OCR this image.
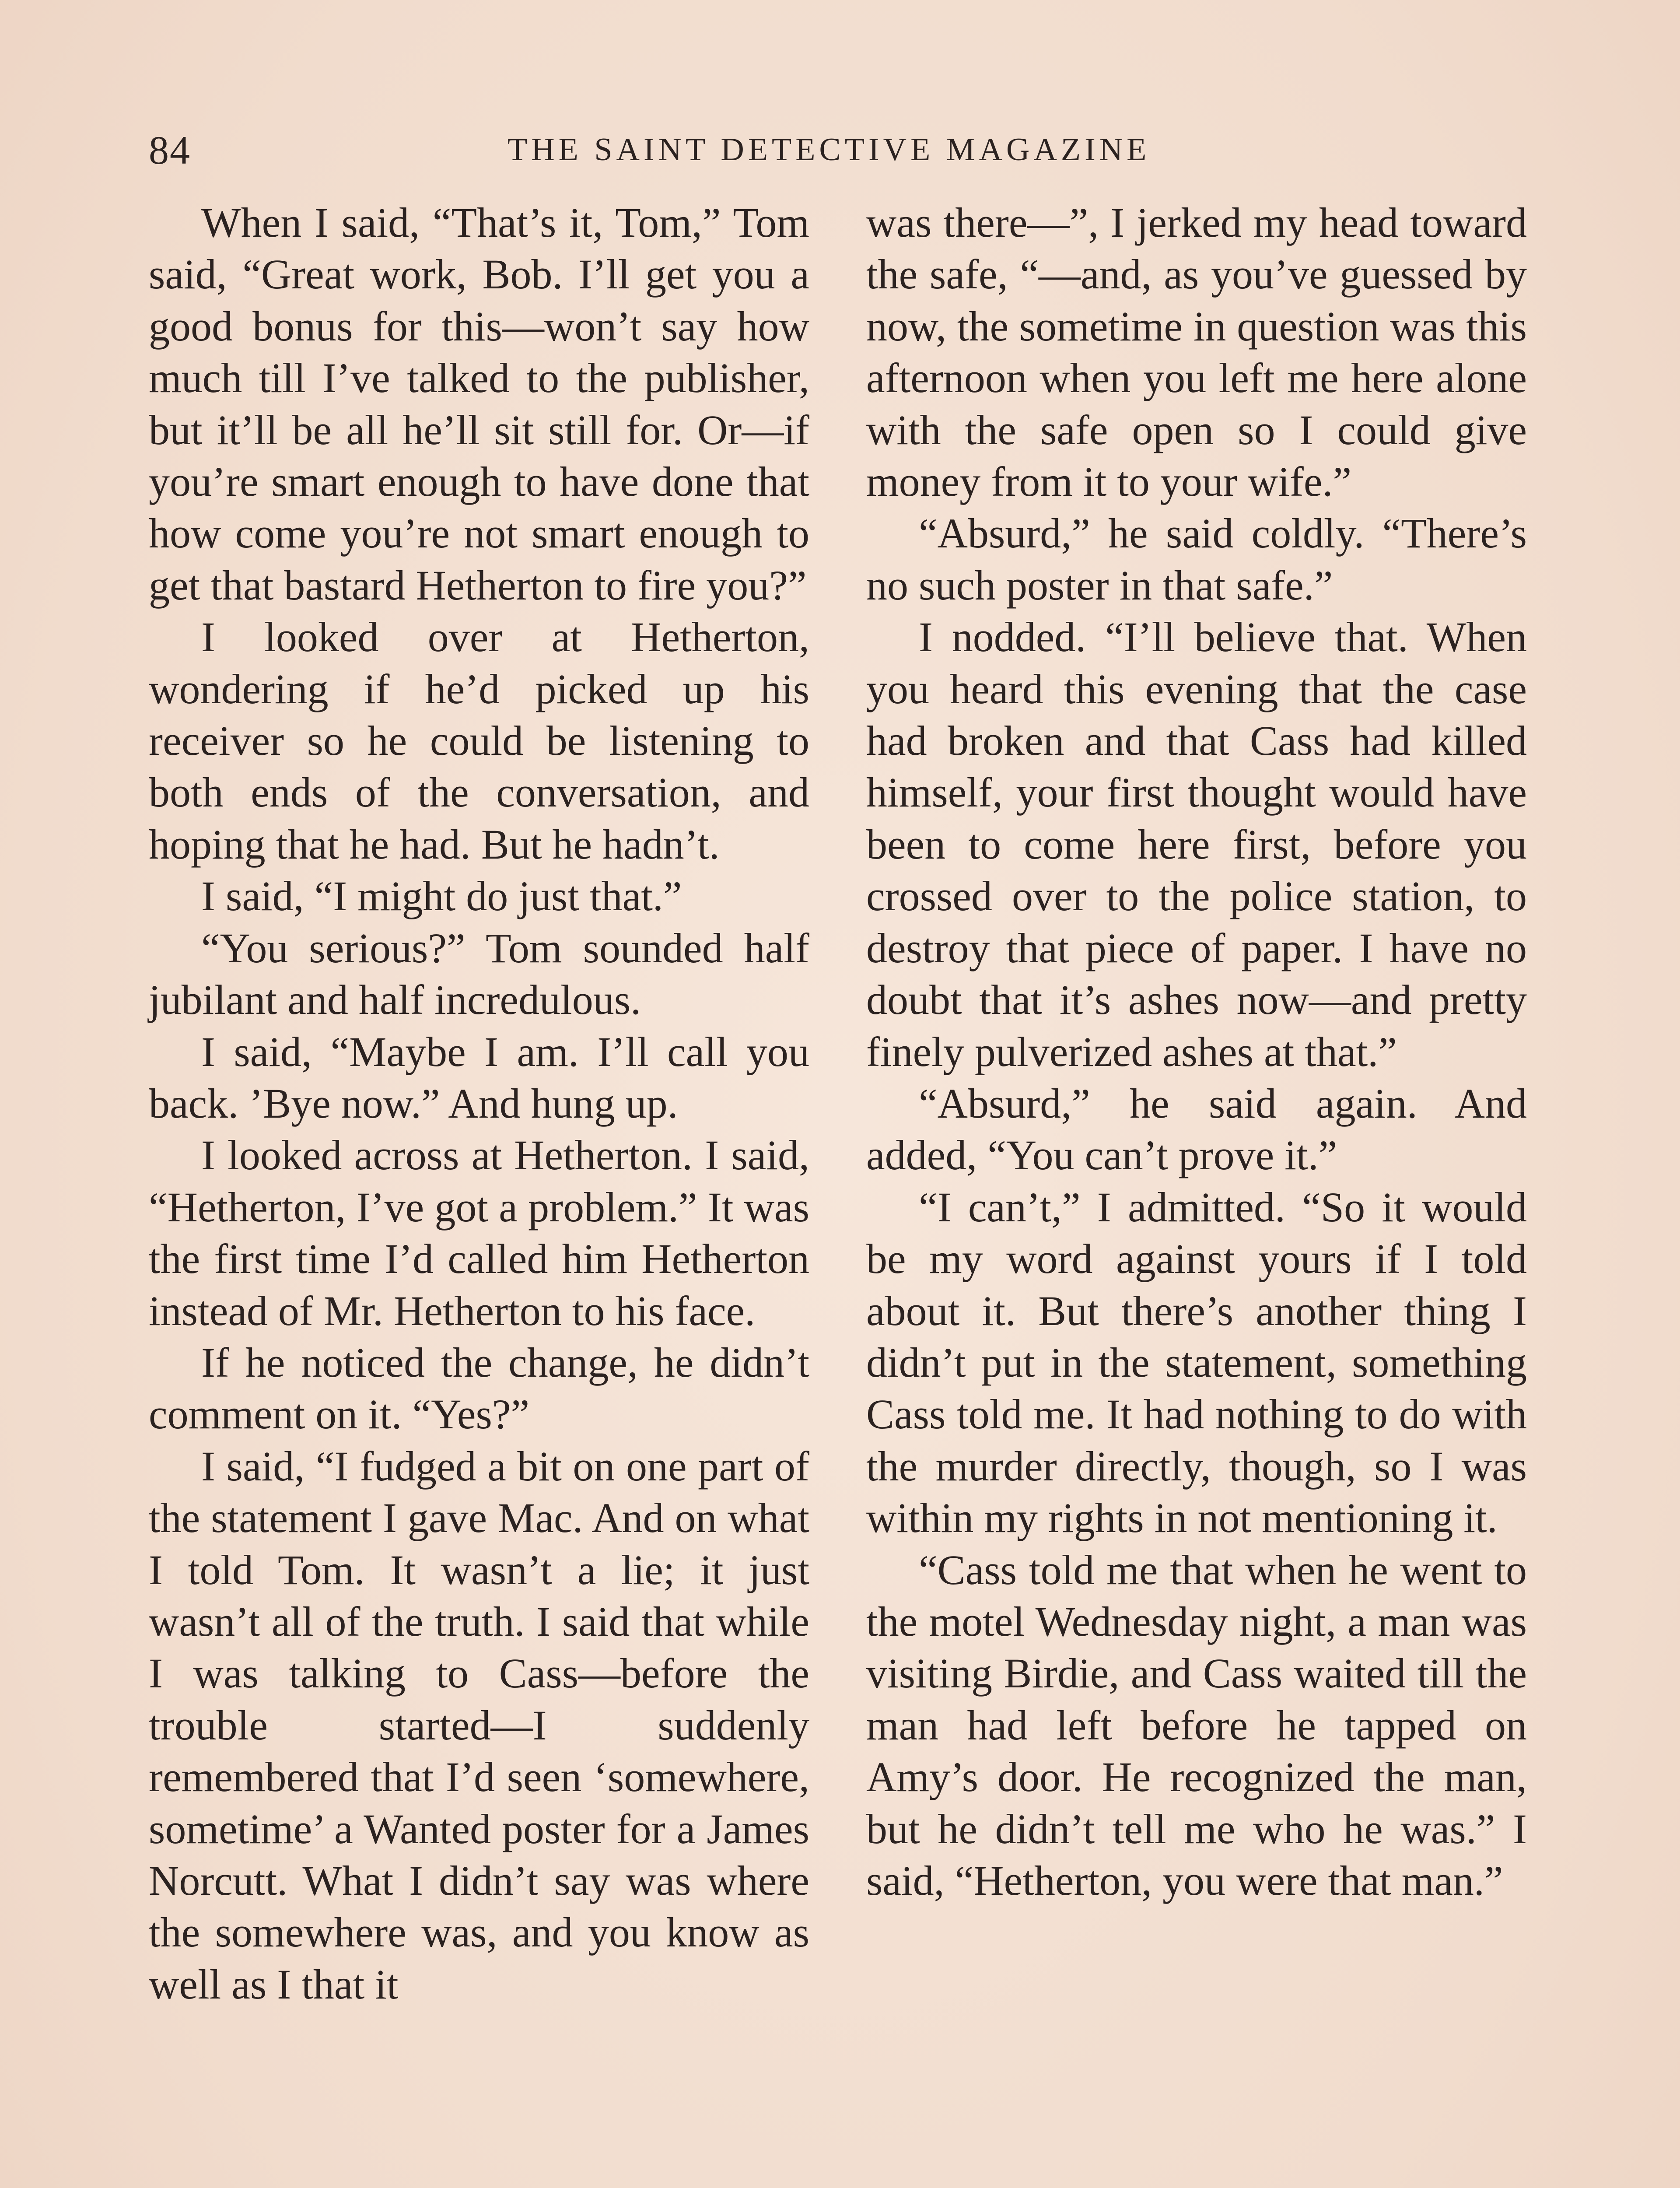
84	THE SAINT DETECTIVE MAGAZINE

When I said, “That’s it, Tom,” Tom said, “Great work, Bob. I’ll get you a good bonus for this—won’t say how much till I’ve talked to the publisher, but it’ll be all he’ll sit still for. Or—if you’re smart enough to have done that how come you’re not smart enough to get that bastard Hetherton to fire you?”

I looked over at Hetherton, wondering if he’d picked up his receiver so he could be listening to both ends of the conversation, and hoping that he had. But he hadn’t.

I said, “I might do just that.”

“You serious?” Tom sounded half jubilant and half incredulous.

I said, “Maybe I am. I’ll call you back. ’Bye now.” And hung up.

I looked across at Hetherton. I said, “Hetherton, I’ve got a problem.” It was the first time I’d called him Hetherton instead of Mr. Hetherton to his face.

If he noticed the change, he didn’t comment on it. “Yes?”

I said, “I fudged a bit on one part of the statement I gave Mac. And on what I told Tom. It wasn’t a lie; it just wasn’t all of the truth. I said that while I was talking to Cass—before the trouble started—I suddenly remembered that I’d seen ‘somewhere, sometime’ a Wanted poster for a James Norcutt. What I didn’t say was where the somewhere was, and you know as well as I that it

was there—”, I jerked my head toward the safe, “—and, as you’ve guessed by now, the sometime in question was this afternoon when you left me here alone with the safe open so I could give money from it to your wife.”

“Absurd,” he said coldly. “There’s no such poster in that safe.”

I nodded. “I’ll believe that. When you heard this evening that the case had broken and that Cass had killed himself, your first thought would have been to come here first, before you crossed over to the police station, to destroy that piece of paper. I have no doubt that it’s ashes now—and pretty finely pulverized ashes at that.”

“Absurd,” he said again. And added, “You can’t prove it.”

“I can’t,” I admitted. “So it would be my word against yours if I told about it. But there’s another thing I didn’t put in the statement, something Cass told me. It had nothing to do with the murder directly, though, so I was within my rights in not mentioning it.

“Cass told me that when he went to the motel Wednesday night, a man was visiting Birdie, and Cass waited till the man had left before he tapped on Amy’s door. He recognized the man, but he didn’t tell me who he was.” I said, “Hetherton, you were that man.”
